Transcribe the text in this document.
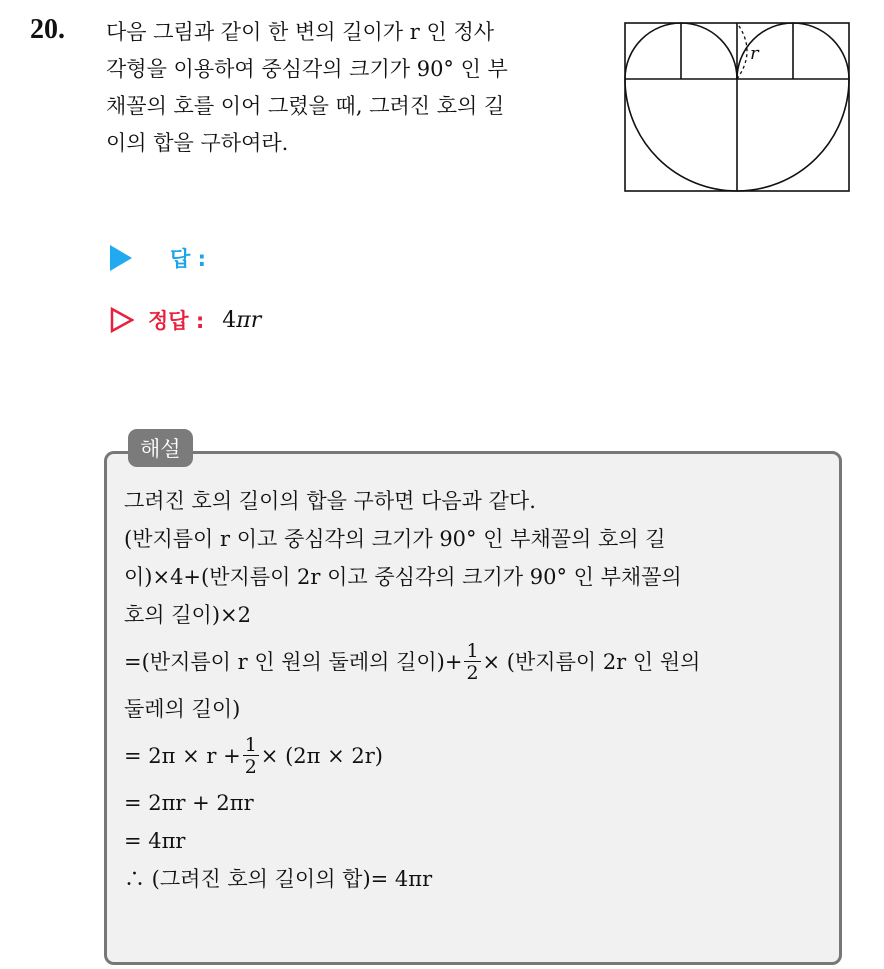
20. 다음 그림과 같이 한 변의 길이가 r 인 정사
각형을 이용하여 중심각의 크기가 90° 인 부
채꼴의 호를 이어 그렸을 때, 그려진 호의 길
이의 합을 구하여라.
r
답 :
정답 : 4πr
해설
그려진 호의 길이의 합을 구하면 다음과 같다.
(반지름이 r 이고 중심각의 크기가 90° 인 부채꼴의 호의 길
이)×4+(반지름이 2r 이고 중심각의 크기가 90° 인 부채꼴의
호의 길이)×2
=(반지름이 r 인 원의 둘레의 길이)+ $\frac{1}{2}$ × (반지름이 2r 인 원의
둘레의 길이)
= $2\pi \times r + \frac{1}{2} \times (2\pi \times 2r)$
= 2πr + 2πr
= 4πr
∴ (그려진 호의 길이의 합)= 4πr
